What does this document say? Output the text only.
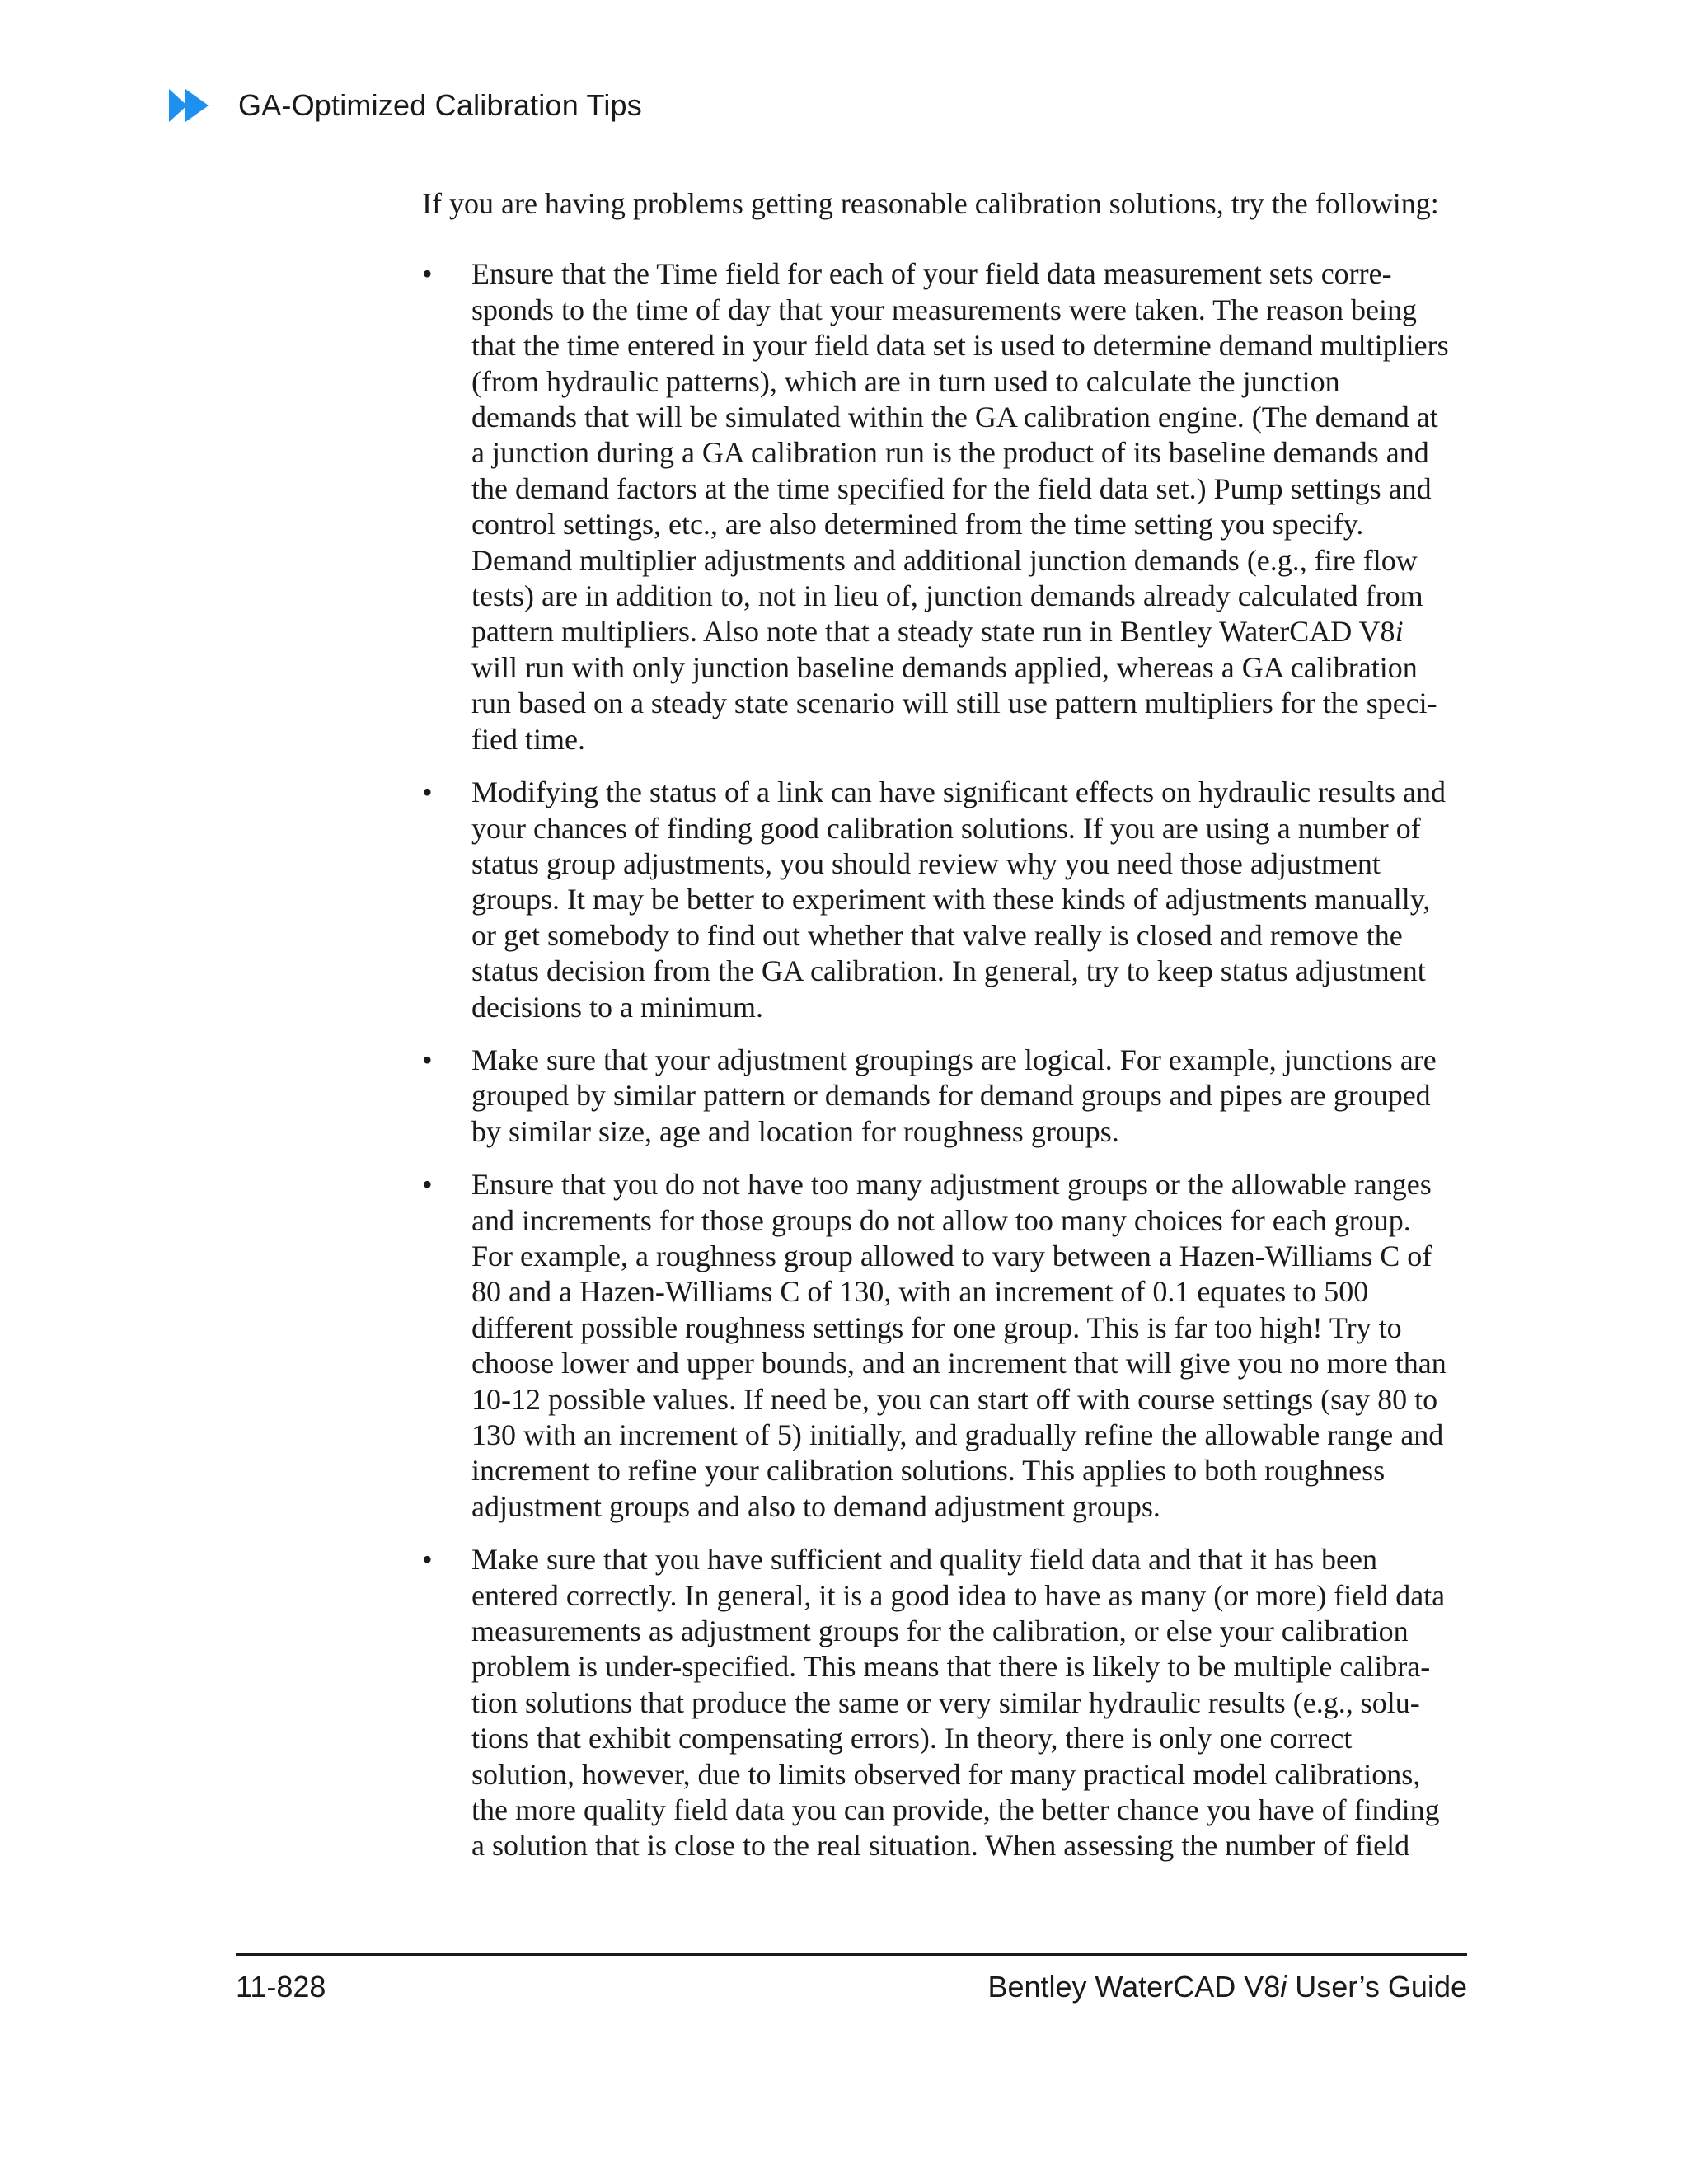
GA-Optimized Calibration Tips

If you are having problems getting reasonable calibration solutions, try the following:

• Ensure that the Time field for each of your field data measurement sets corre-
sponds to the time of day that your measurements were taken. The reason being
that the time entered in your field data set is used to determine demand multipliers
(from hydraulic patterns), which are in turn used to calculate the junction
demands that will be simulated within the GA calibration engine. (The demand at
a junction during a GA calibration run is the product of its baseline demands and
the demand factors at the time specified for the field data set.) Pump settings and
control settings, etc., are also determined from the time setting you specify.
Demand multiplier adjustments and additional junction demands (e.g., fire flow
tests) are in addition to, not in lieu of, junction demands already calculated from
pattern multipliers. Also note that a steady state run in Bentley WaterCAD V8i
will run with only junction baseline demands applied, whereas a GA calibration
run based on a steady state scenario will still use pattern multipliers for the speci-
fied time.
• Modifying the status of a link can have significant effects on hydraulic results and
your chances of finding good calibration solutions. If you are using a number of
status group adjustments, you should review why you need those adjustment
groups. It may be better to experiment with these kinds of adjustments manually,
or get somebody to find out whether that valve really is closed and remove the
status decision from the GA calibration. In general, try to keep status adjustment
decisions to a minimum.
• Make sure that your adjustment groupings are logical. For example, junctions are
grouped by similar pattern or demands for demand groups and pipes are grouped
by similar size, age and location for roughness groups.
• Ensure that you do not have too many adjustment groups or the allowable ranges
and increments for those groups do not allow too many choices for each group.
For example, a roughness group allowed to vary between a Hazen-Williams C of
80 and a Hazen-Williams C of 130, with an increment of 0.1 equates to 500
different possible roughness settings for one group. This is far too high! Try to
choose lower and upper bounds, and an increment that will give you no more than
10-12 possible values. If need be, you can start off with course settings (say 80 to
130 with an increment of 5) initially, and gradually refine the allowable range and
increment to refine your calibration solutions. This applies to both roughness
adjustment groups and also to demand adjustment groups.
• Make sure that you have sufficient and quality field data and that it has been
entered correctly. In general, it is a good idea to have as many (or more) field data
measurements as adjustment groups for the calibration, or else your calibration
problem is under-specified. This means that there is likely to be multiple calibra-
tion solutions that produce the same or very similar hydraulic results (e.g., solu-
tions that exhibit compensating errors). In theory, there is only one correct
solution, however, due to limits observed for many practical model calibrations,
the more quality field data you can provide, the better chance you have of finding
a solution that is close to the real situation. When assessing the number of field
11-828	Bentley WaterCAD V8i User’s Guide
